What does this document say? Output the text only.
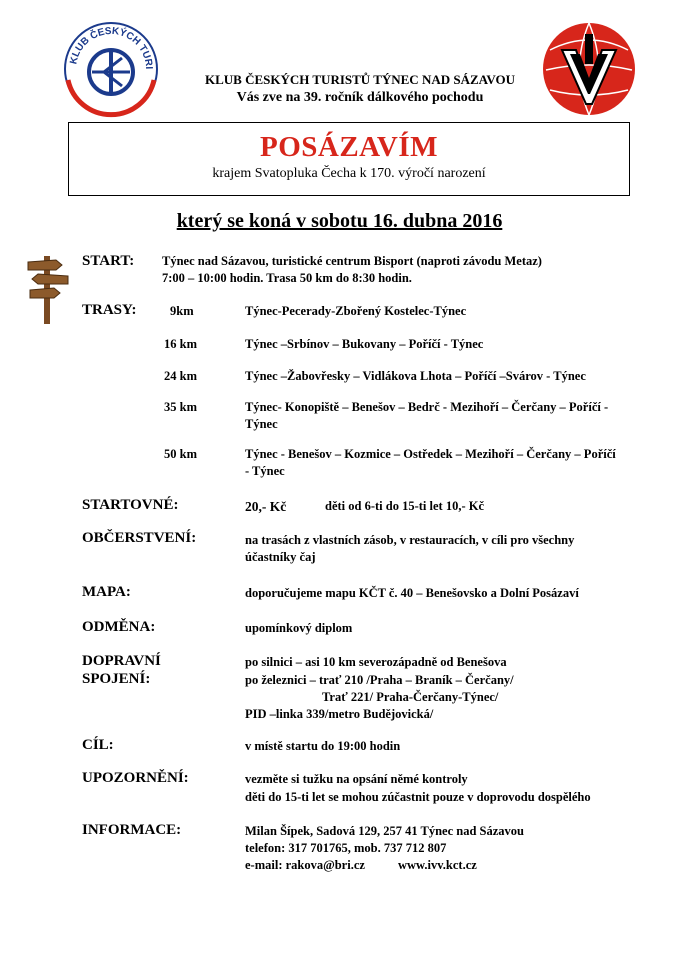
KLUB ČESKÝCH TURI
KLUB ČESKÝCH TURISTŮ TÝNEC NAD SÁZAVOU
Vás zve na 39. ročník dálkového pochodu
POSÁZAVÍM
krajem Svatopluka Čecha k 170. výročí narození
který se koná v sobotu 16. dubna 2016
START: Týnec nad Sázavou, turistické centrum Bisport (naproti závodu Metaz)
7:00 – 10:00 hodin. Trasa 50 km do 8:30 hodin.
TRASY:	9km	Týnec-Pecerady-Zbořený Kostelec-Týnec
16 km	Týnec –Srbínov – Bukovany – Poříčí - Týnec
24 km	Týnec –Žabovřesky – Vidlákova Lhota – Poříčí –Svárov - Týnec
35 km	Týnec- Konopiště – Benešov – Bedrč - Mezihoří – Čerčany – Poříčí - Týnec
50 km	Týnec - Benešov – Kozmice – Ostředek – Mezihoří – Čerčany – Poříčí - Týnec
STARTOVNÉ:	20,- Kč	děti od 6-ti do 15-ti let 10,- Kč
OBČERSTVENÍ:	na trasách z vlastních zásob, v restauracích, v cíli pro všechny účastníky čaj
MAPA:	doporučujeme mapu KČT č. 40 – Benešovsko a Dolní Posázaví
ODMĚNA:	upomínkový diplom
DOPRAVNÍ
SPOJENÍ:
po silnici – asi 10 km severozápadně od Benešova
po železnici – trať 210 /Praha – Braník – Čerčany/
Trať 221/ Praha-Čerčany-Týnec/
PID –linka 339/metro Budějovická/
CÍL:	v místě startu do 19:00 hodin
UPOZORNĚNÍ:	vezměte si tužku na opsání němé kontroly
děti do 15-ti let se mohou zúčastnit pouze v doprovodu dospělého
INFORMACE:	Milan Šípek, Sadová 129, 257 41 Týnec nad Sázavou
telefon: 317 701765, mob. 737 712 807
e-mail: rakova@bri.cz	www.ivv.kct.cz
